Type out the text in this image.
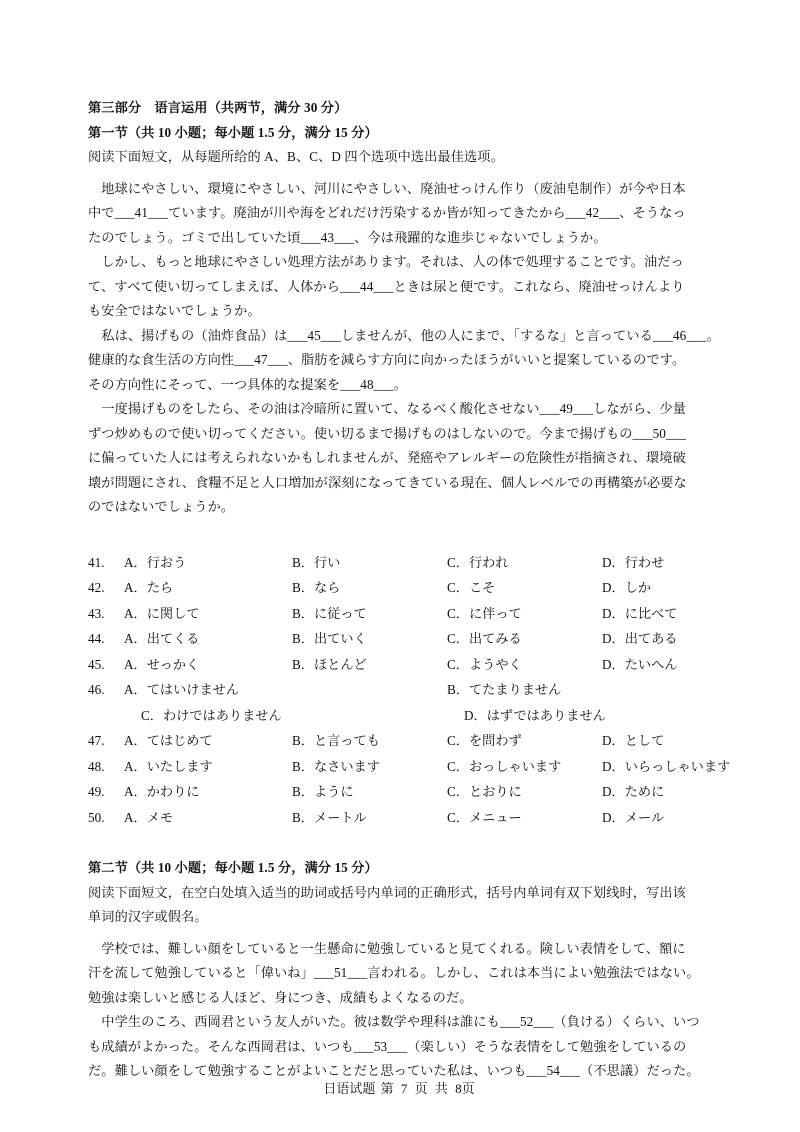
第三部分　语言运用（共两节，满分 30 分）
第一节（共 10 小题；每小题 1.5 分，满分 15 分）
阅读下面短文，从每题所给的 A、B、C、D 四个选项中选出最佳选项。
　地球にやさしい、環境にやさしい、河川にやさしい、廃油せっけん作り（废油皂制作）が今や日本
中で___41___ています。廃油が川や海をどれだけ汚染するか皆が知ってきたから___42___、そうなっ
たのでしょう。ゴミで出していた頃___43___、今は飛躍的な進歩じゃないでしょうか。
　しかし、もっと地球にやさしい処理方法があります。それは、人の体で処理することです。油だっ
て、すべて使い切ってしまえば、人体から___44___ときは尿と便です。これなら、廃油せっけんより
も安全ではないでしょうか。
　私は、揚げもの（油炸食品）は___45___しませんが、他の人にまで、「するな」と言っている___46___。
健康的な食生活の方向性___47___、脂肪を減らす方向に向かったほうがいいと提案しているのです。
その方向性にそって、一つ具体的な提案を___48___。
　一度揚げものをしたら、その油は冷暗所に置いて、なるべく酸化させない___49___しながら、少量
ずつ炒めもので使い切ってください。使い切るまで揚げものはしないので。今まで揚げもの___50___
に偏っていた人には考えられないかもしれませんが、発癌やアレルギーの危険性が指摘され、環境破
壊が問題にされ、食糧不足と人口増加が深刻になってきている現在、個人レベルでの再構築が必要な
のではないでしょうか。
41.	A．行おう	B．行い	C．行われ	D．行わせ
42.	A．たら	B．なら	C．こそ	D．しか
43.	A．に関して	B．に従って	C．に伴って	D．に比べて
44.	A．出てくる	B．出ていく	C．出てみる	D．出てある
45.	A．せっかく	B．ほとんど	C．ようやく	D．たいへん
46.	A．てはいけません	B．てたまりません
C．わけではありません	D．はずではありません
47.	A．てはじめて	B．と言っても	C．を問わず	D．として
48.	A．いたします	B．なさいます	C．おっしゃいます	D．いらっしゃいます
49.	A．かわりに	B．ように	C．とおりに	D．ために
50.	A．メモ	B．メートル	C．メニュー	D．メール
第二节（共 10 小题；每小题 1.5 分，满分 15 分）
阅读下面短文，在空白处填入适当的助词或括号内单词的正确形式，括号内单词有双下划线时，写出该
单词的汉字或假名。
　学校では、難しい顔をしていると一生懸命に勉強していると見てくれる。険しい表情をして、額に
汗を流して勉強していると「偉いね」___51___言われる。しかし、これは本当によい勉強法ではない。
勉強は楽しいと感じる人ほど、身につき、成績もよくなるのだ。
　中学生のころ、西岡君という友人がいた。彼は数学や理科は誰にも___52___（負ける）くらい、いつ
も成績がよかった。そんな西岡君は、いつも___53___（楽しい）そうな表情をして勉強をしているの
だ。難しい顔をして勉強することがよいことだと思っていた私は、いつも___54___（不思議）だった。
日语试题 第 7 页 共 8页
